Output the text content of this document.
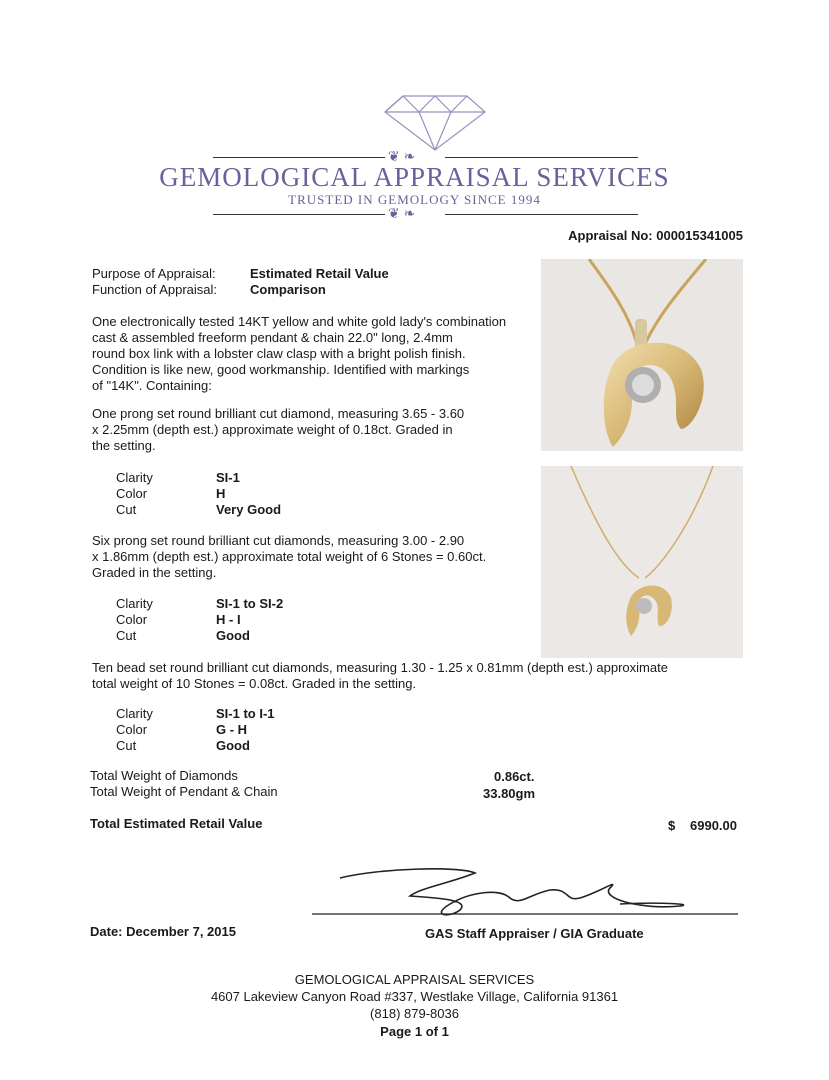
❦ ❧
GEMOLOGICAL APPRAISAL SERVICES
TRUSTED IN GEMOLOGY SINCE 1994
❦ ❧
Appraisal No: 000015341005
Purpose of Appraisal:	Estimated Retail Value
Function of Appraisal:	Comparison
One electronically tested 14KT yellow and white gold lady's combination
cast & assembled freeform pendant & chain 22.0" long, 2.4mm
round box link with a lobster claw clasp with a bright polish finish.
Condition is like new, good workmanship. Identified with markings
of "14K". Containing:
One prong set round brilliant cut diamond, measuring 3.65 - 3.60
x 2.25mm (depth est.) approximate weight of 0.18ct. Graded in
the setting.
Clarity	SI-1
Color	H
Cut	Very Good
Six prong set round brilliant cut diamonds, measuring 3.00 - 2.90
x 1.86mm (depth est.) approximate total weight of 6 Stones = 0.60ct.
Graded in the setting.
Clarity	SI-1 to SI-2
Color	H - I
Cut	Good
Ten bead set round brilliant cut diamonds, measuring 1.30 - 1.25 x 0.81mm (depth est.) approximate
total weight of 10 Stones = 0.08ct. Graded in the setting.
Clarity	SI-1 to I-1
Color	G - H
Cut	Good
Total Weight of Diamonds	0.86ct.
Total Weight of Pendant & Chain	33.80gm
Total Estimated Retail Value	$ 6990.00
Date: December 7, 2015	GAS Staff Appraiser / GIA Graduate
GEMOLOGICAL APPRAISAL SERVICES
4607 Lakeview Canyon Road #337, Westlake Village, California 91361
(818) 879-8036
Page 1 of 1
